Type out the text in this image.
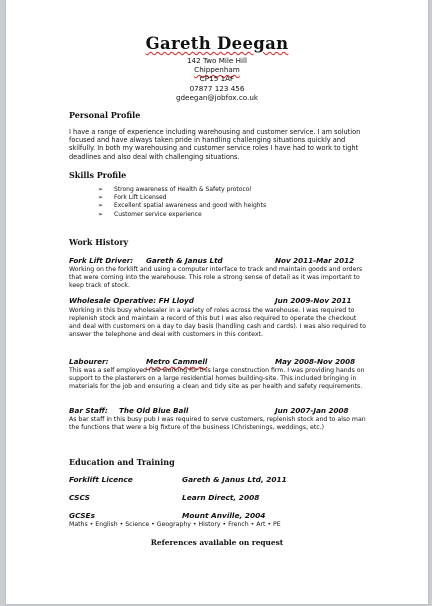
Gareth Deegan
142 Two Mile Hill
Chippenham
CP15 1AF
07877 123 456
gdeegan@jobfox.co.uk
Personal Profile
I have a range of experience including warehousing and customer service. I am solution focused and have always taken pride in handling challenging situations quickly and skilfully. In both my warehousing and customer service roles I have had to work to tight deadlines and also deal with challenging situations.
Skills Profile
➢ Strong awareness of Health & Safety protocol
➢ Fork Lift Licensed
➢ Excellent spatial awareness and good with heights
➢ Customer service experience
Work History
Fork Lift Driver: Gareth & Janus Ltd	Nov 2011-Mar 2012
Working on the forklift and using a computer interface to track and maintain goods and orders that were coming into the warehouse. This role a strong sense of detail as it was important to keep track of stock.
Wholesale Operative: FH Lloyd	Jun 2009-Nov 2011
Working in this busy wholesaler in a variety of roles across the warehouse. I was required to replenish stock and maintain a record of this but I was also required to operate the checkout and deal with customers on a day to day basis (handling cash and cards). I was also required to answer the telephone and deal with customers in this context.
Labourer:	Metro Cammell	May 2008-Nov 2008
This was a self employed role working for this large construction firm. I was providing hands on support to the plasterers on a large residential homes building-site. This included bringing in materials for the job and ensuring a clean and tidy site as per health and safety requirements.
Bar Staff: The Old Blue Ball	Jun 2007-Jan 2008
As bar staff in this busy pub I was required to serve customers, replenish stock and to also man the functions that were a big fixture of the business (Christenings, weddings, etc.)
Education and Training
Forklift Licence	Gareth & Janus Ltd, 2011
CSCS	Learn Direct, 2008
GCSEs	Mount Anville, 2004
Maths • English • Science • Geography • History • French • Art • PE
References available on request
